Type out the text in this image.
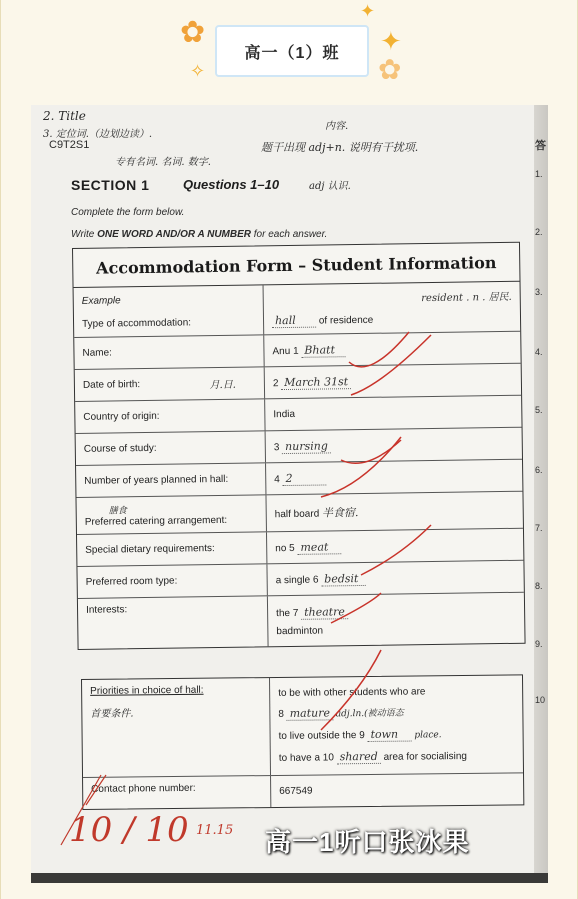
✿
✦
✦
✿
✧
高一（1）班
2. Title
3. 定位词.（边划边读）.
C9T2S1
专有名词. 名词. 数字.
内容.
题干出现 adj+n. 说明有干扰项.
adj 认识.
SECTION 1	Questions 1–10
Complete the form below.
Write ONE WORD AND/OR A NUMBER for each answer.
Accommodation Form – Student Information
Example
Type of accommodation:
resident . n . 居民.
hall of residence
Name:	Anu 1 Bhatt
Date of birth:	月.日.	2 March 31st
Country of origin:	India
Course of study:	3 nursing
Number of years planned in hall:	4 2
膳食
Preferred catering arrangement:
half board 半食宿.
Special dietary requirements:	no 5 meat
Preferred room type:	a single 6 bedsit
Interests:	the 7 theatre
badminton
Priorities in choice of hall:
首要条件.

to be with other students who are

8 mature adj.ln.(被动语态

to live outside the 9 town place.

to have a 10 shared area for socialising

Contact phone number:	667549
答
1.
2.
3.
4.
5.
6.
7.
8.
9.
10
10 / 10 11.15 高一1听口张冰果
